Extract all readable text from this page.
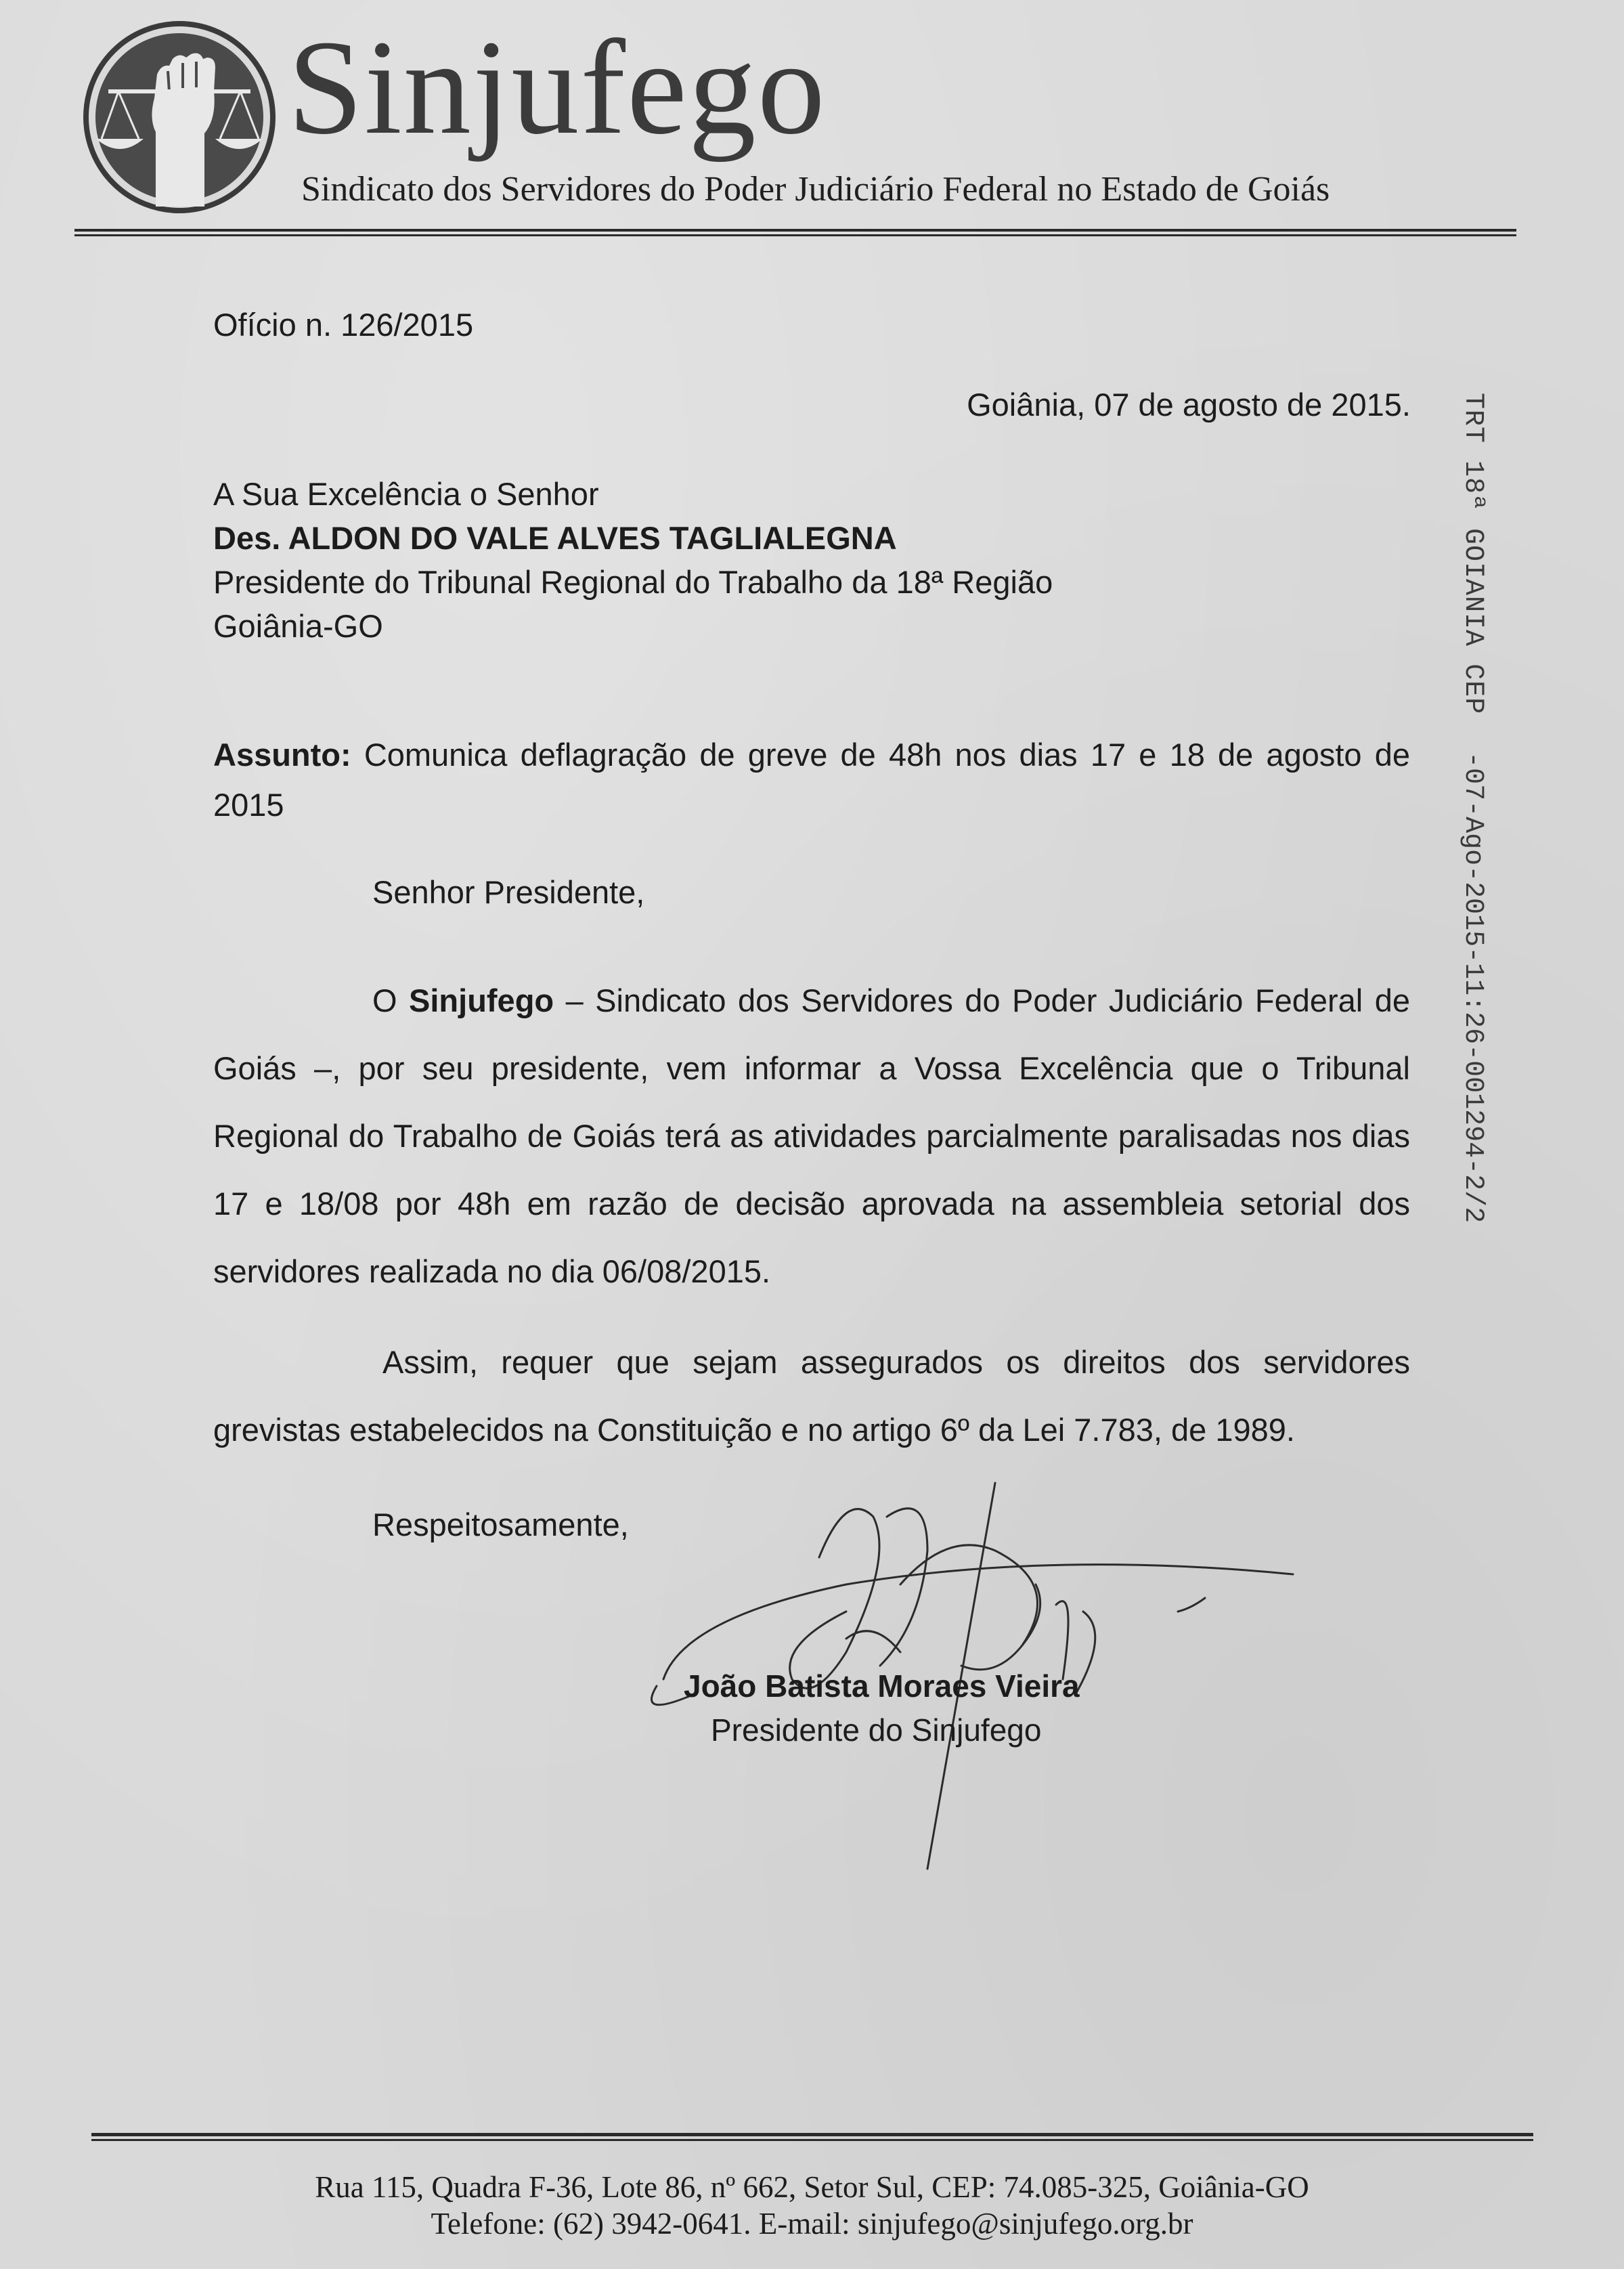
Sinjufego
Sindicato dos Servidores do Poder Judiciário Federal no Estado de Goiás
Ofício n. 126/2015
Goiânia, 07 de agosto de 2015.
A Sua Excelência o Senhor
Des. ALDON DO VALE ALVES TAGLIALEGNA
Presidente do Tribunal Regional do Trabalho da 18ª Região
Goiânia-GO
Assunto: Comunica deflagração de greve de 48h nos dias 17 e 18 de agosto de 2015
Senhor Presidente,
O Sinjufego – Sindicato dos Servidores do Poder Judiciário Federal de Goiás –, por seu presidente, vem informar a Vossa Excelência que o Tribunal Regional do Trabalho de Goiás terá as atividades parcialmente paralisadas nos dias 17 e 18/08 por 48h em razão de decisão aprovada na assembleia setorial dos servidores realizada no dia 06/08/2015.
Assim, requer que sejam assegurados os direitos dos servidores grevistas estabelecidos na Constituição e no artigo 6º da Lei 7.783, de 1989.
Respeitosamente,
João Batista Moraes Vieira
Presidente do Sinjufego
TRT 18ª GOIANIA CEP-07-Ago-2015-11:26-001294-2/2
Rua 115, Quadra F-36, Lote 86, nº 662, Setor Sul, CEP: 74.085-325, Goiânia-GO
Telefone: (62) 3942-0641. E-mail: sinjufego@sinjufego.org.br
